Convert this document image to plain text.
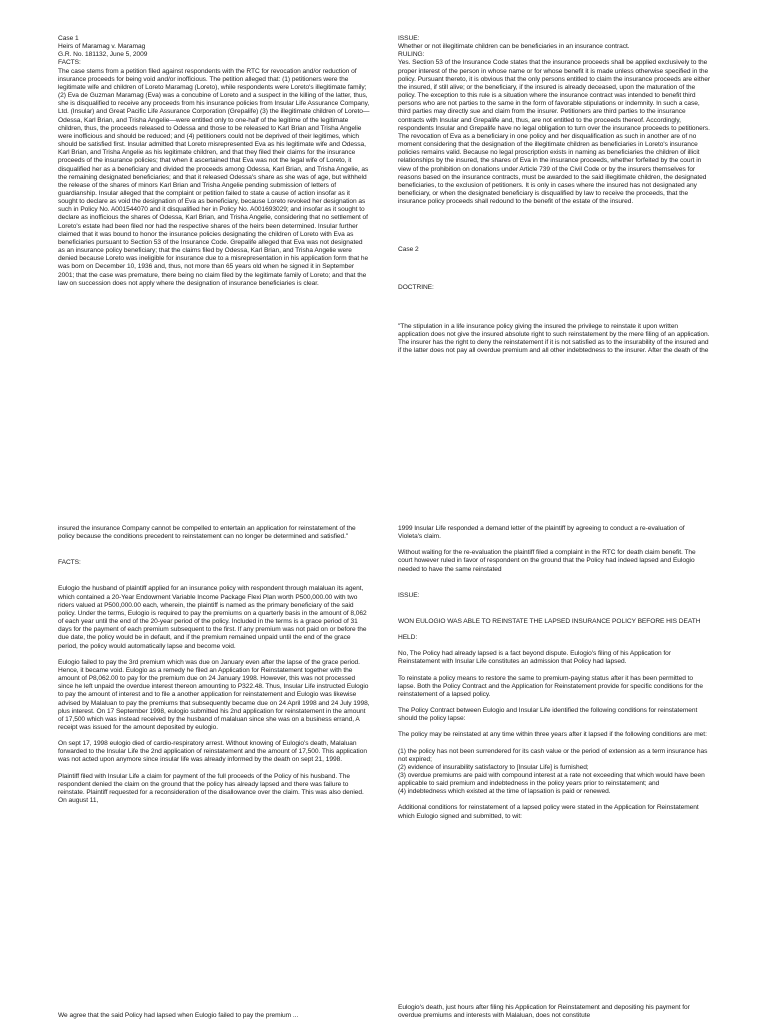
Case 1

Heirs of Maramag v. Maramag

G.R. No. 181132, June 5, 2009

FACTS:

The case stems from a petition filed against respondents with the RTC for revocation and/or reduction of insurance proceeds for being void and/or inofficious. The petition alleged that: (1) petitioners were the legitimate wife and children of Loreto Maramag (Loreto), while respondents were Loreto's illegitimate family; (2) Eva de Guzman Maramag (Eva) was a concubine of Loreto and a suspect in the killing of the latter, thus, she is disqualified to receive any proceeds from his insurance policies from Insular Life Assurance Company, Ltd. (Insular) and Great Pacific Life Assurance Corporation (Grepalife) (3) the illegitimate children of Loreto—Odessa, Karl Brian, and Trisha Angelie—were entitled only to one-half of the legitime of the legitimate children, thus, the proceeds released to Odessa and those to be released to Karl Brian and Trisha Angelie were inofficious and should be reduced; and (4) petitioners could not be deprived of their legitimes, which should be satisfied first. Insular admitted that Loreto misrepresented Eva as his legitimate wife and Odessa, Karl Brian, and Trisha Angelie as his legitimate children, and that they filed their claims for the insurance proceeds of the insurance policies; that when it ascertained that Eva was not the legal wife of Loreto, it disqualified her as a beneficiary and divided the proceeds among Odessa, Karl Brian, and Trisha Angelie, as the remaining designated beneficiaries; and that it released Odessa's share as she was of age, but withheld the release of the shares of minors Karl Brian and Trisha Angelie pending submission of letters of guardianship. Insular alleged that the complaint or petition failed to state a cause of action insofar as it sought to declare as void the designation of Eva as beneficiary, because Loreto revoked her designation as such in Policy No. A001544070 and it disqualified her in Policy No. A001693029; and insofar as it sought to declare as inofficious the shares of Odessa, Karl Brian, and Trisha Angelie, considering that no settlement of Loreto's estate had been filed nor had the respective shares of the heirs been determined. Insular further claimed that it was bound to honor the insurance policies designating the children of Loreto with Eva as beneficiaries pursuant to Section 53 of the Insurance Code. Grepalife alleged that Eva was not designated as an insurance policy beneficiary; that the claims filed by Odessa, Karl Brian, and Trisha Angelie were denied because Loreto was ineligible for insurance due to a misrepresentation in his application form that he was born on December 10, 1936 and, thus, not more than 65 years old when he signed it in September 2001; that the case was premature, there being no claim filed by the legitimate family of Loreto; and that the law on succession does not apply where the designation of insurance beneficiaries is clear.

ISSUE:

Whether or not illegitimate children can be beneficiaries in an insurance contract.

RULING:

Yes. Section 53 of the Insurance Code states that the insurance proceeds shall be applied exclusively to the proper interest of the person in whose name or for whose benefit it is made unless otherwise specified in the policy. Pursuant thereto, it is obvious that the only persons entitled to claim the insurance proceeds are either the insured, if still alive; or the beneficiary, if the insured is already deceased, upon the maturation of the policy. The exception to this rule is a situation where the insurance contract was intended to benefit third persons who are not parties to the same in the form of favorable stipulations or indemnity. In such a case, third parties may directly sue and claim from the insurer. Petitioners are third parties to the insurance contracts with Insular and Grepalife and, thus, are not entitled to the proceeds thereof. Accordingly, respondents Insular and Grepalife have no legal obligation to turn over the insurance proceeds to petitioners. The revocation of Eva as a beneficiary in one policy and her disqualification as such in another are of no moment considering that the designation of the illegitimate children as beneficiaries in Loreto's insurance policies remains valid. Because no legal proscription exists in naming as beneficiaries the children of illicit relationships by the insured, the shares of Eva in the insurance proceeds, whether forfeited by the court in view of the prohibition on donations under Article 739 of the Civil Code or by the insurers themselves for reasons based on the insurance contracts, must be awarded to the said illegitimate children, the designated beneficiaries, to the exclusion of petitioners. It is only in cases where the insured has not designated any beneficiary, or when the designated beneficiary is disqualified by law to receive the proceeds, that the insurance policy proceeds shall redound to the benefit of the estate of the insured.

Case 2

DOCTRINE:

"The stipulation in a life insurance policy giving the insured the privilege to reinstate it upon written application does not give the insured absolute right to such reinstatement by the mere filing of an application. The insurer has the right to deny the reinstatement if it is not satisfied as to the insurability of the insured and if the latter does not pay all overdue premium and all other indebtedness to the insurer. After the death of the

insured the insurance Company cannot be compelled to entertain an application for reinstatement of the policy because the conditions precedent to reinstatement can no longer be determined and satisfied."

FACTS:

Eulogio the husband of plaintiff applied for an insurance policy with respondent through malaluan its agent, which contained a 20-Year Endowment Variable Income Package Flexi Plan worth P500,000.00 with two riders valued at P500,000.00 each, wherein, the plaintiff is named as the primary beneficiary of the said policy. Under the terms, Eulogio is required to pay the premiums on a quarterly basis in the amount of 8,062 of each year until the end of the 20-year period of the policy. Included in the terms is a grace period of 31 days for the payment of each premium subsequent to the first. If any premium was not paid on or before the due date, the policy would be in default, and if the premium remained unpaid until the end of the grace period, the policy would automatically lapse and become void.

Eulogio failed to pay the 3rd premium which was due on January even after the lapse of the grace period. Hence, it became void. Eulogio as a remedy he filed an Application for Reinstatement together with the amount of P8,062.00 to pay for the premium due on 24 January 1998. However, this was not processed since he left unpaid the overdue interest thereon amounting to P322.48. Thus, Insular Life instructed Eulogio to pay the amount of interest and to file a another application for reinstatement and Eulogio was likewise advised by Malaluan to pay the premiums that subsequently became due on 24 April 1998 and 24 July 1998, plus interest. On 17 September 1998, eulogio submitted his 2nd application for reinstatement in the amount of 17,500 which was instead received by the husband of malaluan since she was on a business errand, A receipt was issued for the amount deposited by eulogio.

On sept 17, 1998 eulogio died of cardio-respiratory arrest. Without knowing of Eulogio's death, Malaluan forwarded to the Insular Life the 2nd application of reinstatement and the amount of 17,500. This application was not acted upon anymore since insular life was already informed by the death on sept 21, 1998.

Plaintiff filed with Insular Life a claim for payment of the full proceeds of the Policy of his husband. The respondent denied the claim on the ground that the policy has already lapsed and there was failure to reinstate. Plaintiff requested for a reconsideration of the disallowance over the claim. This was also denied. On august 11,

1999 Insular Life responded a demand letter of the plaintiff by agreeing to conduct a re-evaluation of Violeta's claim.

Without waiting for the re-evaluation the plaintiff filed a complaint in the RTC for death claim benefit. The court however ruled in favor of respondent on the ground that the Policy had indeed lapsed and Eulogio needed to have the same reinstated

ISSUE:

WON EULOGIO WAS ABLE TO REINSTATE THE LAPSED INSURANCE POLICY BEFORE HIS DEATH

HELD:

No, The Policy had already lapsed is a fact beyond dispute. Eulogio's filing of his Application for Reinstatement with Insular Life constitutes an admission that Policy had lapsed.

To reinstate a policy means to restore the same to premium-paying status after it has been permitted to lapse. Both the Policy Contract and the Application for Reinstatement provide for specific conditions for the reinstatement of a lapsed policy.

The Policy Contract between Eulogio and Insular Life identified the following conditions for reinstatement should the policy lapse:

The policy may be reinstated at any time within three years after it lapsed if the following conditions are met:

(1) the policy has not been surrendered for its cash value or the period of extension as a term insurance has not expired;
(2) evidence of insurability satisfactory to [Insular Life] is furnished;
(3) overdue premiums are paid with compound interest at a rate not exceeding that which would have been applicable to said premium and indebtedness in the policy years prior to reinstatement; and
(4) indebtedness which existed at the time of lapsation is paid or renewed.

Additional conditions for reinstatement of a lapsed policy were stated in the Application for Reinstatement which Eulogio signed and submitted, to wit:

We agree that the said Policy had lapsed when Eulogio failed to pay the premium ...

Eulogio's death, just hours after filing his Application for Reinstatement and depositing his payment for overdue premiums and interests with Malaluan, does not constitute
